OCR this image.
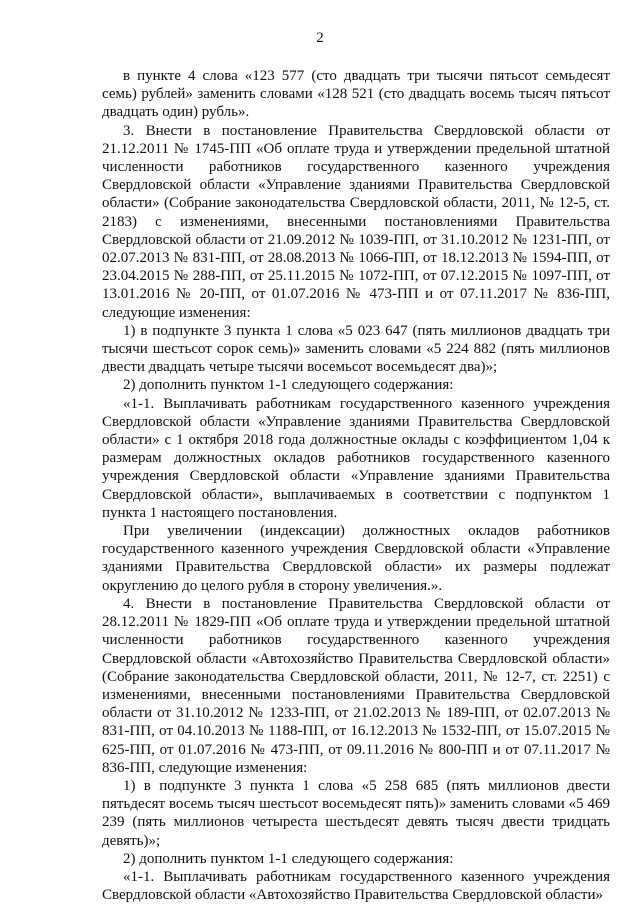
2

в пункте 4 слова «123 577 (сто двадцать три тысячи пятьсот семьдесят семь) рублей» заменить словами «128 521 (сто двадцать восемь тысяч пятьсот двадцать один) рубль».

3. Внести в постановление Правительства Свердловской области от 21.12.2011 № 1745-ПП «Об оплате труда и утверждении предельной штатной численности работников государственного казенного учреждения Свердловской области «Управление зданиями Правительства Свердловской области» (Собрание законодательства Свердловской области, 2011, № 12-5, ст. 2183) с изменениями, внесенными постановлениями Правительства Свердловской области от 21.09.2012 № 1039-ПП, от 31.10.2012 № 1231-ПП, от 02.07.2013 № 831-ПП, от 28.08.2013 № 1066-ПП, от 18.12.2013 № 1594-ПП, от 23.04.2015 № 288-ПП, от 25.11.2015 № 1072-ПП, от 07.12.2015 № 1097-ПП, от 13.01.2016 № 20-ПП, от 01.07.2016 № 473-ПП и от 07.11.2017 № 836-ПП, следующие изменения:

1) в подпункте 3 пункта 1 слова «5 023 647 (пять миллионов двадцать три тысячи шестьсот сорок семь)» заменить словами «5 224 882 (пять миллионов двести двадцать четыре тысячи восемьсот восемьдесят два)»;

2) дополнить пунктом 1-1 следующего содержания:

«1-1. Выплачивать работникам государственного казенного учреждения Свердловской области «Управление зданиями Правительства Свердловской области» с 1 октября 2018 года должностные оклады с коэффициентом 1,04 к размерам должностных окладов работников государственного казенного учреждения Свердловской области «Управление зданиями Правительства Свердловской области», выплачиваемых в соответствии с подпунктом 1 пункта 1 настоящего постановления.

При увеличении (индексации) должностных окладов работников государственного казенного учреждения Свердловской области «Управление зданиями Правительства Свердловской области» их размеры подлежат округлению до целого рубля в сторону увеличения.».

4. Внести в постановление Правительства Свердловской области от 28.12.2011 № 1829-ПП «Об оплате труда и утверждении предельной штатной численности работников государственного казенного учреждения Свердловской области «Автохозяйство Правительства Свердловской области» (Собрание законодательства Свердловской области, 2011, № 12-7, ст. 2251) с изменениями, внесенными постановлениями Правительства Свердловской области от 31.10.2012 № 1233-ПП, от 21.02.2013 № 189-ПП, от 02.07.2013 № 831-ПП, от 04.10.2013 № 1188-ПП, от 16.12.2013 № 1532-ПП, от 15.07.2015 № 625-ПП, от 01.07.2016 № 473-ПП, от 09.11.2016 № 800-ПП и от 07.11.2017 № 836-ПП, следующие изменения:

1) в подпункте 3 пункта 1 слова «5 258 685 (пять миллионов двести пятьдесят восемь тысяч шестьсот восемьдесят пять)» заменить словами «5 469 239 (пять миллионов четыреста шестьдесят девять тысяч двести тридцать девять)»;

2) дополнить пунктом 1-1 следующего содержания:

«1-1. Выплачивать работникам государственного казенного учреждения Свердловской области «Автохозяйство Правительства Свердловской области»
